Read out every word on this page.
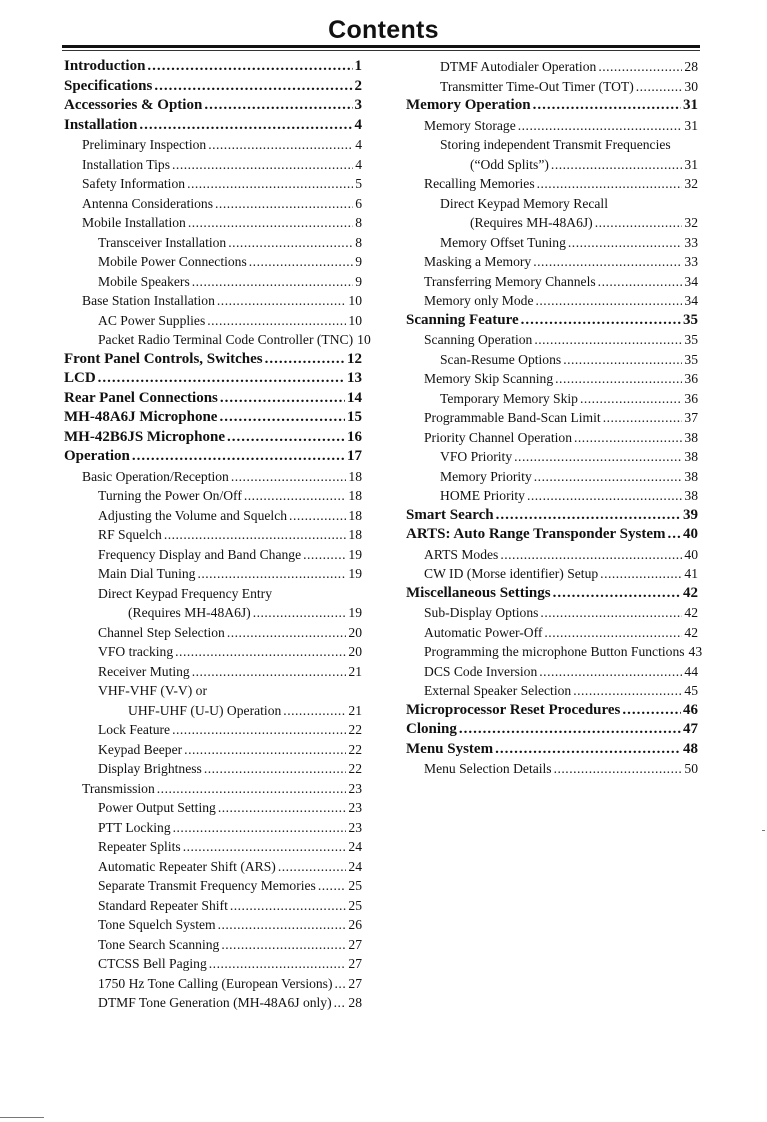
Contents
Introduction .....	1
Specifications .....	2
Accessories & Option .....	3
Installation .....	4
Preliminary Inspection .....	4
Installation Tips .....	4
Safety Information .....	5
Antenna Considerations .....	6
Mobile Installation .....	8
Transceiver Installation .....	8
Mobile Power Connections .....	9
Mobile Speakers .....	9
Base Station Installation .....	10
AC Power Supplies .....	10
Packet Radio Terminal Code Controller (TNC) 10
Front Panel Controls, Switches .....	12
LCD .....	13
Rear Panel Connections .....	14
MH-48A6J Microphone .....	15
MH-42B6JS Microphone .....	16
Operation .....	17
Basic Operation/Reception .....	18
Turning the Power On/Off .....	18
Adjusting the Volume and Squelch .....	18
RF Squelch .....	18
Frequency Display and Band Change .....	19
Main Dial Tuning .....	19
Direct Keypad Frequency Entry
(Requires MH-48A6J) .....	19
Channel Step Selection .....	20
VFO tracking .....	20
Receiver Muting .....	21
VHF-VHF (V-V) or
UHF-UHF (U-U) Operation .....	21
Lock Feature .....	22
Keypad Beeper .....	22
Display Brightness .....	22
Transmission .....	23
Power Output Setting .....	23
PTT Locking .....	23
Repeater Splits .....	24
Automatic Repeater Shift (ARS) .....	24
Separate Transmit Frequency Memories ..... 25
Standard Repeater Shift .....	25
Tone Squelch System .....	26
Tone Search Scanning .....	27
CTCSS Bell Paging .....	27
1750 Hz Tone Calling (European Versions) ..... 27
DTMF Tone Generation (MH-48A6J only) ..... 28
DTMF Autodialer Operation .....	28
Transmitter Time-Out Timer (TOT) .....	30
Memory Operation .....	31
Memory Storage .....	31
Storing independent Transmit Frequencies
(“Odd Splits”) .....	31
Recalling Memories .....	32
Direct Keypad Memory Recall
(Requires MH-48A6J) .....	32
Memory Offset Tuning .....	33
Masking a Memory .....	33
Transferring Memory Channels .....	34
Memory only Mode .....	34
Scanning Feature .....	35
Scanning Operation .....	35
Scan-Resume Options .....	35
Memory Skip Scanning .....	36
Temporary Memory Skip .....	36
Programmable Band-Scan Limit .....	37
Priority Channel Operation .....	38
VFO Priority .....	38
Memory Priority .....	38
HOME Priority .....	38
Smart Search .....	39
ARTS: Auto Range Transponder System ..... 40
ARTS Modes .....	40
CW ID (Morse identifier) Setup .....	41
Miscellaneous Settings .....	42
Sub-Display Options .....	42
Automatic Power-Off .....	42
Programming the microphone Button Functions 43
DCS Code Inversion .....	44
External Speaker Selection .....	45
Microprocessor Reset Procedures .....	46
Cloning .....	47
Menu System .....	48
Menu Selection Details .....	50
